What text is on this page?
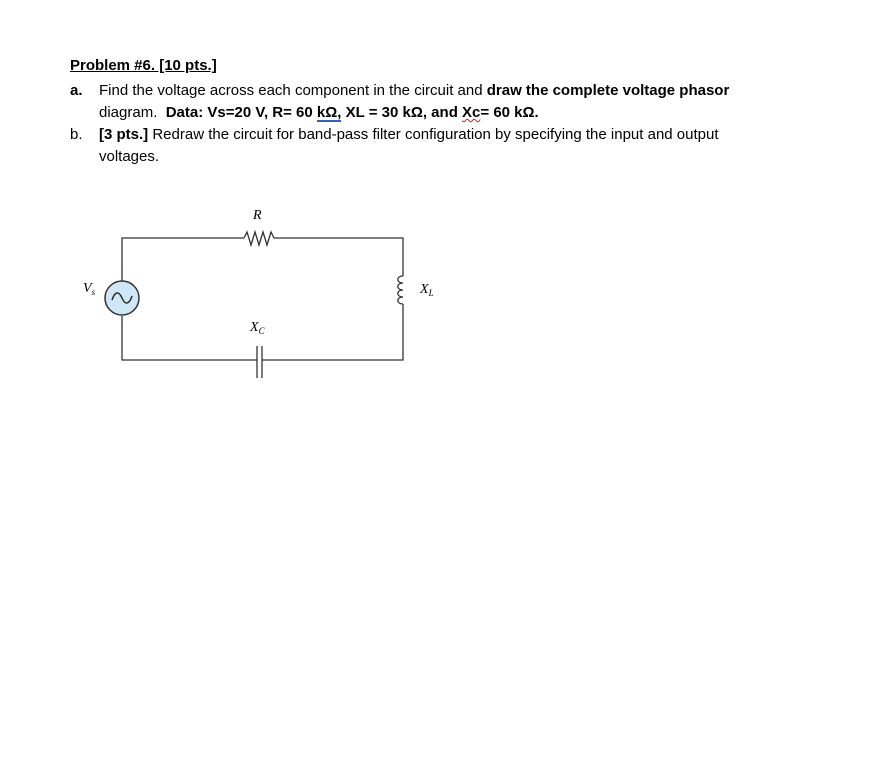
Problem #6. [10 pts.]
a. Find the voltage across each component in the circuit and draw the complete voltage phasor
diagram. Data: Vs=20 V, R= 60 kΩ, XL = 30 kΩ, and Xc= 60 kΩ.
b. [3 pts.] Redraw the circuit for band-pass filter configuration by specifying the input and output
voltages.
R
$V_s$	$X_L$
$X_C$
